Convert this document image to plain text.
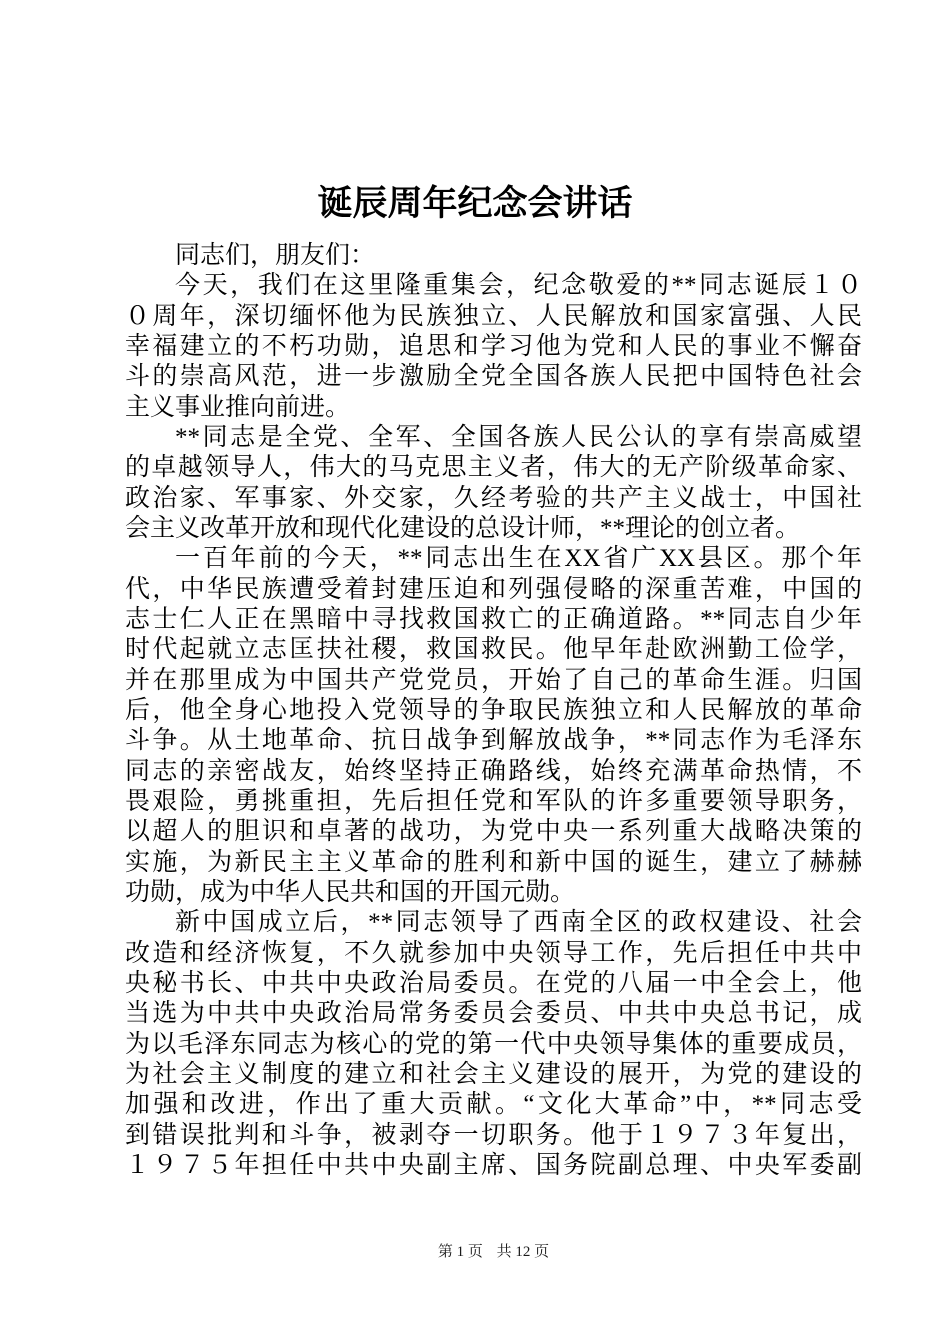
诞辰周年纪念会讲话
同志们，朋友们：
今天，我们在这里隆重集会，纪念敬爱的**同志诞辰１０
０周年，深切缅怀他为民族独立、人民解放和国家富强、人民
幸福建立的不朽功勋，追思和学习他为党和人民的事业不懈奋
斗的崇高风范，进一步激励全党全国各族人民把中国特色社会
主义事业推向前进。
**同志是全党、全军、全国各族人民公认的享有崇高威望
的卓越领导人，伟大的马克思主义者，伟大的无产阶级革命家、
政治家、军事家、外交家，久经考验的共产主义战士，中国社
会主义改革开放和现代化建设的总设计师，**理论的创立者。
一百年前的今天，**同志出生在XX省广XX县区。那个年
代，中华民族遭受着封建压迫和列强侵略的深重苦难，中国的
志士仁人正在黑暗中寻找救国救亡的正确道路。**同志自少年
时代起就立志匡扶社稷，救国救民。他早年赴欧洲勤工俭学，
并在那里成为中国共产党党员，开始了自己的革命生涯。归国
后，他全身心地投入党领导的争取民族独立和人民解放的革命
斗争。从土地革命、抗日战争到解放战争，**同志作为毛泽东
同志的亲密战友，始终坚持正确路线，始终充满革命热情，不
畏艰险，勇挑重担，先后担任党和军队的许多重要领导职务，
以超人的胆识和卓著的战功，为党中央一系列重大战略决策的
实施，为新民主主义革命的胜利和新中国的诞生，建立了赫赫
功勋，成为中华人民共和国的开国元勋。
新中国成立后，**同志领导了西南全区的政权建设、社会
改造和经济恢复，不久就参加中央领导工作，先后担任中共中
央秘书长、中共中央政治局委员。在党的八届一中全会上，他
当选为中共中央政治局常务委员会委员、中共中央总书记，成
为以毛泽东同志为核心的党的第一代中央领导集体的重要成员，
为社会主义制度的建立和社会主义建设的展开，为党的建设的
加强和改进，作出了重大贡献。“文化大革命”中，**同志受
到错误批判和斗争，被剥夺一切职务。他于１９７３年复出，
１９７５年担任中共中央副主席、国务院副总理、中央军委副
第 1 页 共 12 页
